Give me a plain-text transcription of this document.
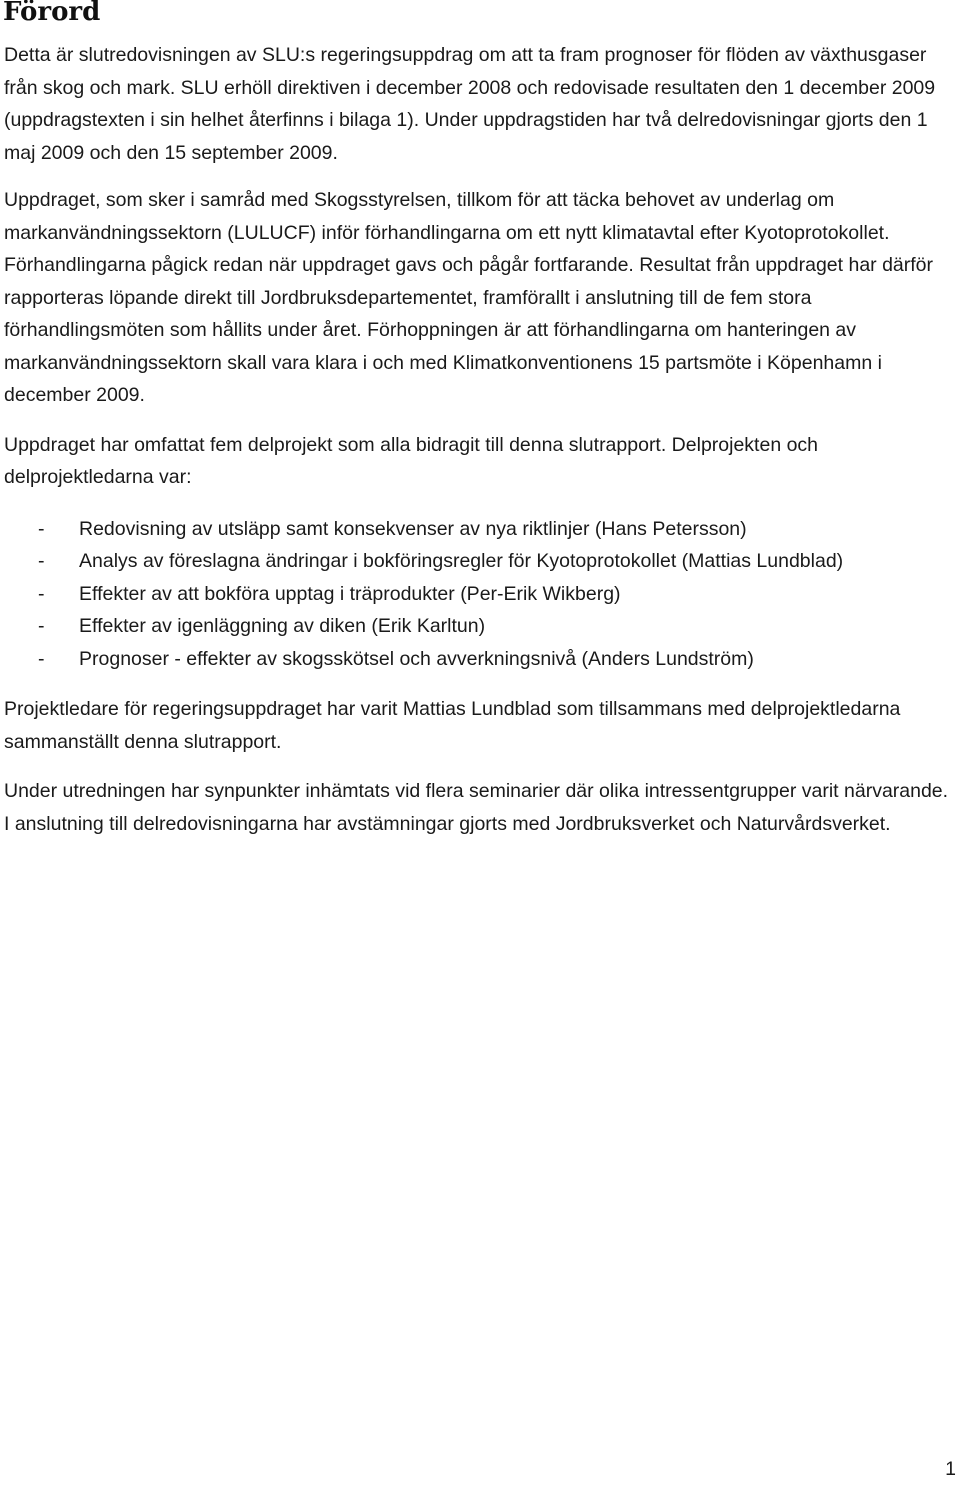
Förord

Detta är slutredovisningen av SLU:s regeringsuppdrag om att ta fram prognoser för flöden av växthusgaser från skog och mark. SLU erhöll direktiven i december 2008 och redovisade resultaten den 1 december 2009 (uppdragstexten i sin helhet återfinns i bilaga 1). Under uppdragstiden har två delredovisningar gjorts den 1 maj 2009 och den 15 september 2009.

Uppdraget, som sker i samråd med Skogsstyrelsen, tillkom för att täcka behovet av underlag om markanvändningssektorn (LULUCF) inför förhandlingarna om ett nytt klimatavtal efter Kyotoprotokollet. Förhandlingarna pågick redan när uppdraget gavs och pågår fortfarande. Resultat från uppdraget har därför rapporteras löpande direkt till Jordbruksdepartementet, framförallt i anslutning till de fem stora förhandlingsmöten som hållits under året. Förhoppningen är att förhandlingarna om hanteringen av markanvändningssektorn skall vara klara i och med Klimatkonventionens 15 partsmöte i Köpenhamn i december 2009.

Uppdraget har omfattat fem delprojekt som alla bidragit till denna slutrapport. Delprojekten och delprojektledarna var:

- Redovisning av utsläpp samt konsekvenser av nya riktlinjer (Hans Petersson)
- Analys av föreslagna ändringar i bokföringsregler för Kyotoprotokollet (Mattias Lundblad)
- Effekter av att bokföra upptag i träprodukter (Per-Erik Wikberg)
- Effekter av igenläggning av diken (Erik Karltun)
- Prognoser - effekter av skogsskötsel och avverkningsnivå (Anders Lundström)

Projektledare för regeringsuppdraget har varit Mattias Lundblad som tillsammans med delprojektledarna sammanställt denna slutrapport.

Under utredningen har synpunkter inhämtats vid flera seminarier där olika intressentgrupper varit närvarande. I anslutning till delredovisningarna har avstämningar gjorts med Jordbruksverket och Naturvårdsverket.

1
